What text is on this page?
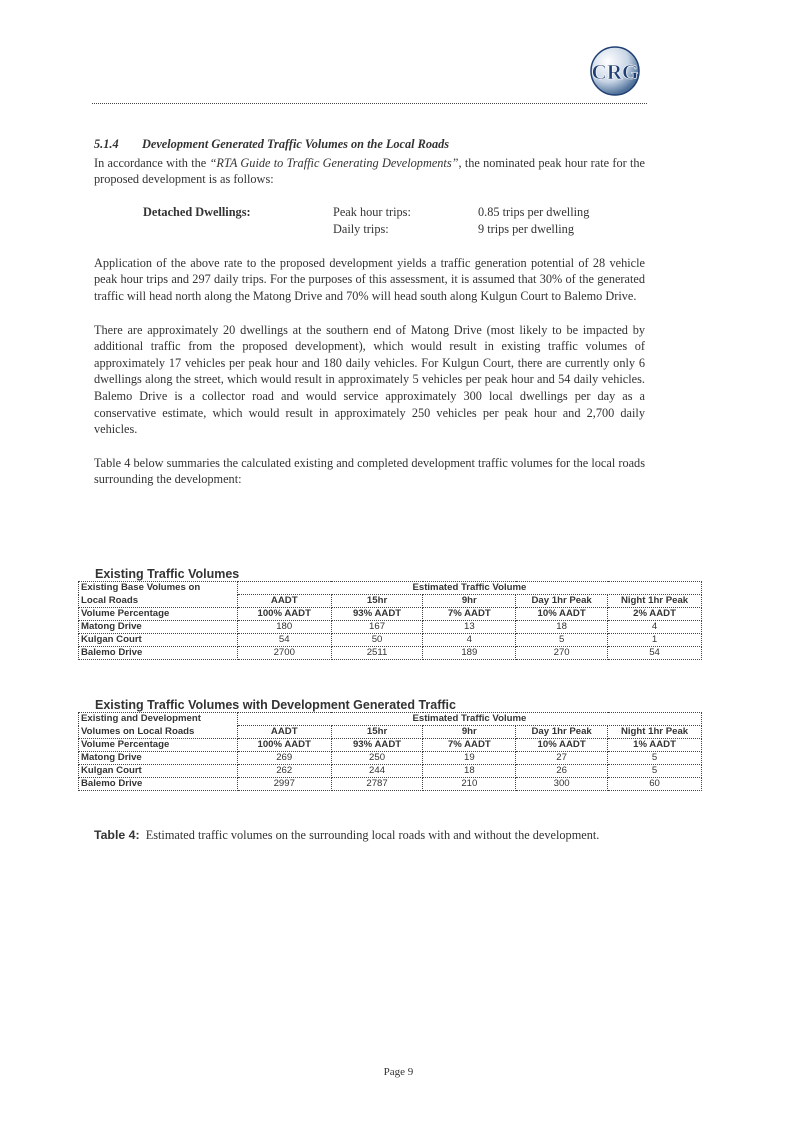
CRG
5.1.4 Development Generated Traffic Volumes on the Local Roads

In accordance with the “RTA Guide to Traffic Generating Developments”, the nominated peak hour rate for the proposed development is as follows:

Detached Dwellings:	Peak hour trips:	0.85 trips per dwelling
Daily trips:	9 trips per dwelling

Application of the above rate to the proposed development yields a traffic generation potential of 28 vehicle peak hour trips and 297 daily trips. For the purposes of this assessment, it is assumed that 30% of the generated traffic will head north along the Matong Drive and 70% will head south along Kulgun Court to Balemo Drive.

There are approximately 20 dwellings at the southern end of Matong Drive (most likely to be impacted by additional traffic from the proposed development), which would result in existing traffic volumes of approximately 17 vehicles per peak hour and 180 daily vehicles. For Kulgun Court, there are currently only 6 dwellings along the street, which would result in approximately 5 vehicles per peak hour and 54 daily vehicles. Balemo Drive is a collector road and would service approximately 300 local dwellings per day as a conservative estimate, which would result in approximately 250 vehicles per peak hour and 2,700 daily vehicles.

Table 4 below summaries the calculated existing and completed development traffic volumes for the local roads surrounding the development:

Existing Traffic Volumes
Existing Base Volumes on	Estimated Traffic Volume				
Local Roads	AADT	15hr	9hr	Day 1hr Peak	Night 1hr Peak
Volume Percentage	100% AADT	93% AADT	7% AADT	10% AADT	2% AADT
Matong Drive	180	167	13	18	4
Kulgan Court	54	50	4	5	1
Balemo Drive	2700	2511	189	270	54
Existing Traffic Volumes with Development Generated Traffic
Existing and Development	Estimated Traffic Volume				
Volumes on Local Roads	AADT	15hr	9hr	Day 1hr Peak	Night 1hr Peak
Volume Percentage	100% AADT	93% AADT	7% AADT	10% AADT	1% AADT
Matong Drive	269	250	19	27	5
Kulgan Court	262	244	18	26	5
Balemo Drive	2997	2787	210	300	60
Table 4: Estimated traffic volumes on the surrounding local roads with and without the development.
Page 9
